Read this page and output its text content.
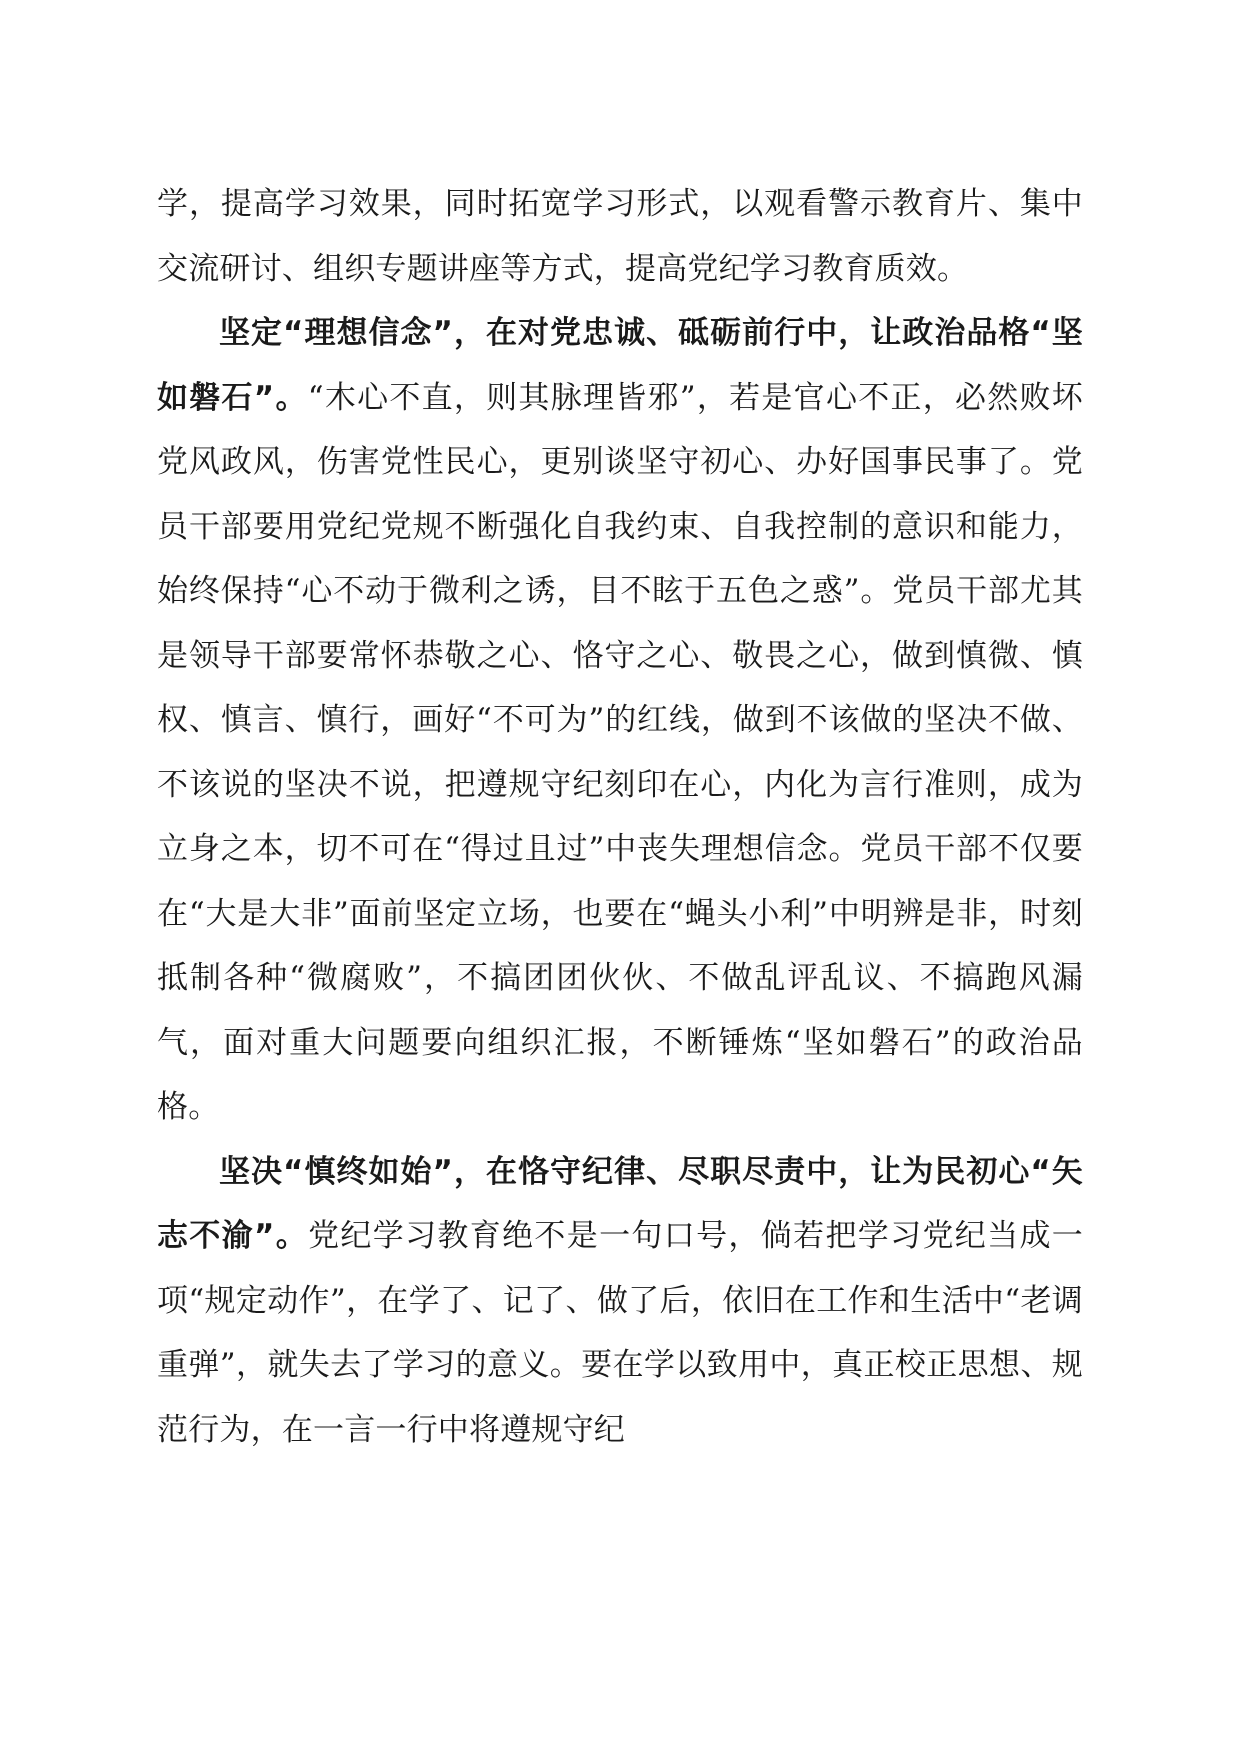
学，提高学习效果，同时拓宽学习形式，以观看警示教育片、集中交流研讨、组织专题讲座等方式，提高党纪学习教育质效。

坚定“理想信念”，在对党忠诚、砥砺前行中，让政治品格“坚如磐石”。“木心不直，则其脉理皆邪”，若是官心不正，必然败坏党风政风，伤害党性民心，更别谈坚守初心、办好国事民事了。党员干部要用党纪党规不断强化自我约束、自我控制的意识和能力，始终保持“心不动于微利之诱，目不眩于五色之惑”。党员干部尤其是领导干部要常怀恭敬之心、恪守之心、敬畏之心，做到慎微、慎权、慎言、慎行，画好“不可为”的红线，做到不该做的坚决不做、不该说的坚决不说，把遵规守纪刻印在心，内化为言行准则，成为立身之本，切不可在“得过且过”中丧失理想信念。党员干部不仅要在“大是大非”面前坚定立场，也要在“蝇头小利”中明辨是非，时刻抵制各种“微腐败”，不搞团团伙伙、不做乱评乱议、不搞跑风漏气，面对重大问题要向组织汇报，不断锤炼“坚如磐石”的政治品格。

坚决“慎终如始”，在恪守纪律、尽职尽责中，让为民初心“矢志不渝”。党纪学习教育绝不是一句口号，倘若把学习党纪当成一项“规定动作”，在学了、记了、做了后，依旧在工作和生活中“老调重弹”，就失去了学习的意义。要在学以致用中，真正校正思想、规范行为，在一言一行中将遵规守纪
